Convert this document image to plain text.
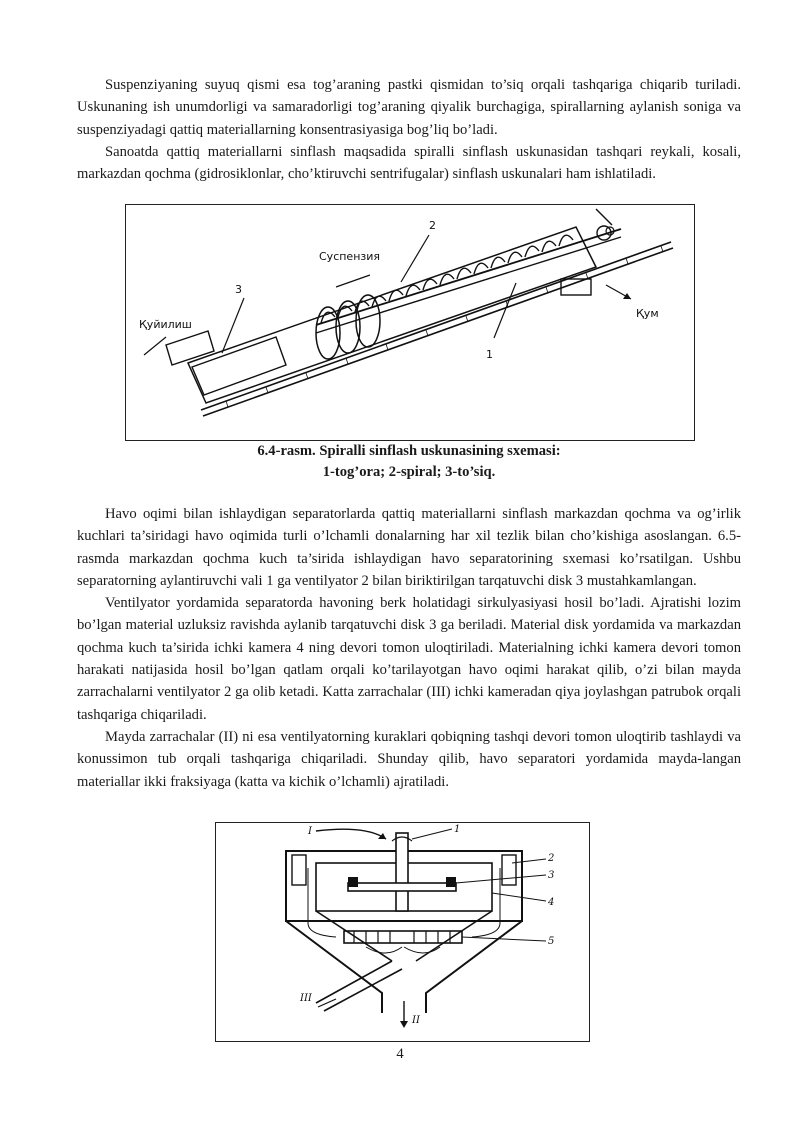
Suspenziyaning suyuq qismi esa tog’araning pastki qismidan to’siq orqali tashqariga chiqarib turiladi. Uskunaning ish unumdorligi va samaradorligi tog’araning qiyalik burchagiga, spirallarning aylanish soniga va suspenziyadagi qattiq materiallarning konsentrasiyasiga bog’liq bo’ladi.

Sanoatda qattiq materiallarni sinflash maqsadida spiralli sinflash uskunasidan tashqari reykali, kosali, markazdan qochma (gidrosiklonlar, cho’ktiruvchi sentrifugalar) sinflash uskunalari ham ishlatiladi.

2
Суспензия
3
Қуйилиш
Қум
1
6.4-rasm. Spiralli sinflash uskunasining sxemasi:
1-tog’ora; 2-spiral; 3-to’siq.

Havo oqimi bilan ishlaydigan separatorlarda qattiq materiallarni sinflash markazdan qochma va og’irlik kuchlari ta’siridagi havo oqimida turli o’lchamli donalarning har xil tezlik bilan cho’kishiga asoslangan. 6.5-rasmda markazdan qochma kuch ta’sirida ishlaydigan havo separatorining sxemasi ko’rsatilgan. Ushbu separatorning aylantiruvchi vali 1 ga ventilyator 2 bilan biriktirilgan tarqatuvchi disk 3 mustahkamlangan.

Ventilyator yordamida separatorda havoning berk holatidagi sirkulyasiyasi hosil bo’ladi. Ajratishi lozim bo’lgan material uzluksiz ravishda aylanib tarqatuvchi disk 3 ga beriladi. Material disk yordamida va markazdan qochma kuch ta’sirida ichki kamera 4 ning devori tomon uloqtiriladi. Materialning ichki kamera devori tomon harakati natijasida hosil bo’lgan qatlam orqali ko’tarilayotgan havo oqimi harakat qilib, o’zi bilan mayda zarrachalarni ventilyator 2 ga olib ketadi. Katta zarrachalar (III) ichki kameradan qiya joylashgan patrubok orqali tashqariga chiqariladi.

Mayda zarrachalar (II) ni esa ventilyatorning kuraklari qobiqning tashqi devori tomon uloqtirib tashlaydi va konussimon tub orqali tashqariga chiqariladi. Shunday qilib, havo separatori yordamida mayda-langan materiallar ikki fraksiyaga (katta va kichik o’lchamli) ajratiladi.

I	1
2
3
4
5
III
II
4
